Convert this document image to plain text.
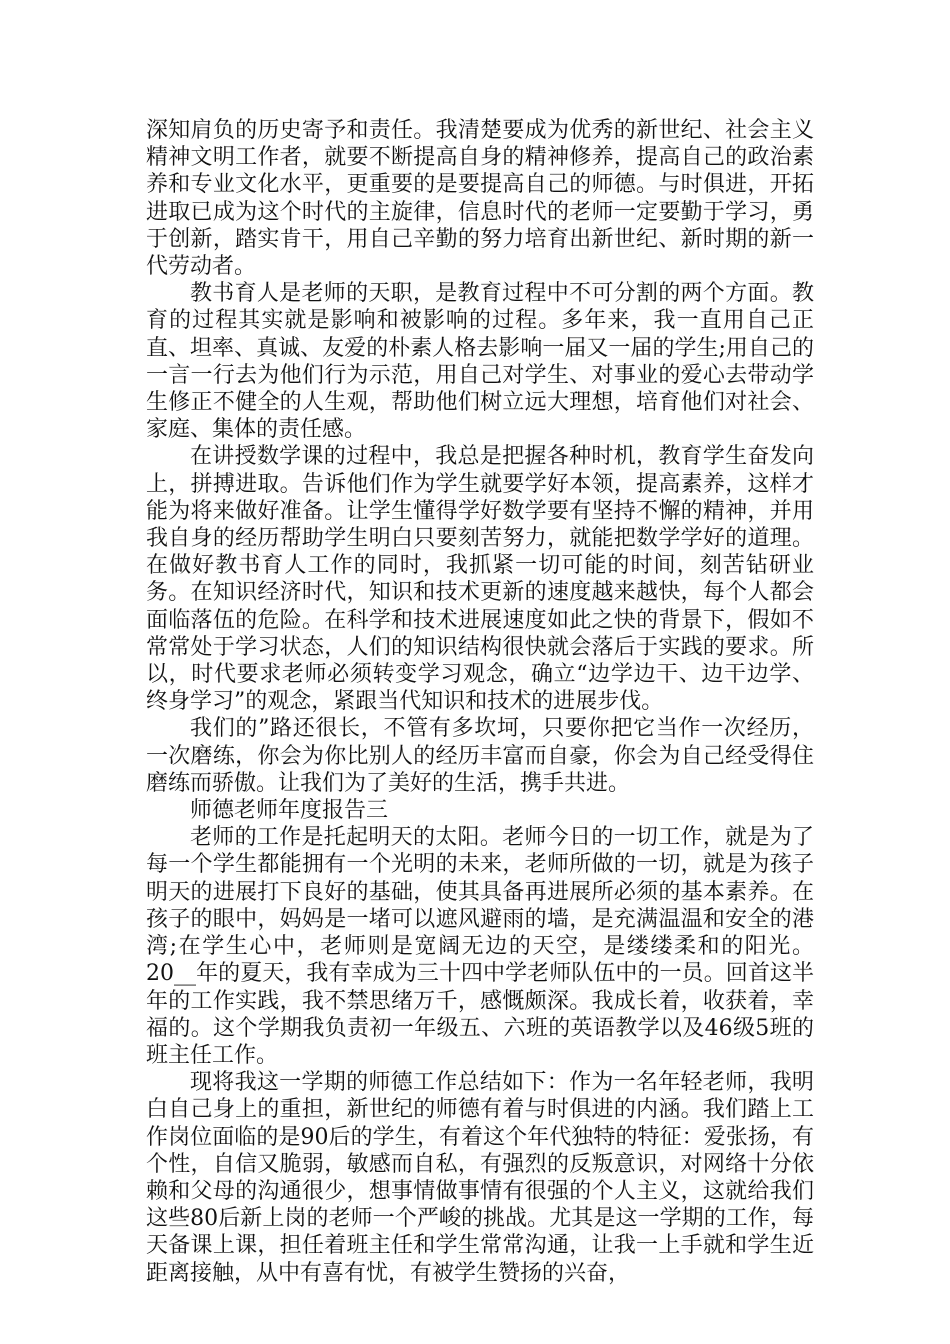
深知肩负的历史寄予和责任。我清楚要成为优秀的新世纪、社会主义精神文明工作者，就要不断提高自身的精神修养，提高自己的政治素养和专业文化水平，更重要的是要提高自己的师德。与时俱进，开拓进取已成为这个时代的主旋律，信息时代的老师一定要勤于学习，勇于创新，踏实肯干，用自己辛勤的努力培育出新世纪、新时期的新一代劳动者。

教书育人是老师的天职，是教育过程中不可分割的两个方面。教育的过程其实就是影响和被影响的过程。多年来，我一直用自己正直、坦率、真诚、友爱的朴素人格去影响一届又一届的学生;用自己的一言一行去为他们行为示范，用自己对学生、对事业的爱心去带动学生修正不健全的人生观，帮助他们树立远大理想，培育他们对社会、家庭、集体的责任感。

在讲授数学课的过程中，我总是把握各种时机，教育学生奋发向上，拼搏进取。告诉他们作为学生就要学好本领，提高素养，这样才能为将来做好准备。让学生懂得学好数学要有坚持不懈的精神，并用我自身的经历帮助学生明白只要刻苦努力，就能把数学学好的道理。在做好教书育人工作的同时，我抓紧一切可能的时间，刻苦钻研业务。在知识经济时代，知识和技术更新的速度越来越快，每个人都会面临落伍的危险。在科学和技术进展速度如此之快的背景下，假如不常常处于学习状态，人们的知识结构很快就会落后于实践的要求。所以，时代要求老师必须转变学习观念，确立“边学边干、边干边学、终身学习”的观念，紧跟当代知识和技术的进展步伐。

我们的”路还很长，不管有多坎坷，只要你把它当作一次经历，一次磨练，你会为你比别人的经历丰富而自豪，你会为自己经受得住磨练而骄傲。让我们为了美好的生活，携手共进。

师德老师年度报告三

老师的工作是托起明天的太阳。老师今日的一切工作，就是为了每一个学生都能拥有一个光明的未来，老师所做的一切，就是为孩子明天的进展打下良好的基础，使其具备再进展所必须的基本素养。在孩子的眼中，妈妈是一堵可以遮风避雨的墙，是充满温温和安全的港湾;在学生心中，老师则是宽阔无边的天空，是缕缕柔和的阳光。20__年的夏天，我有幸成为三十四中学老师队伍中的一员。回首这半年的工作实践，我不禁思绪万千，感慨颇深。我成长着，收获着，幸福的。这个学期我负责初一年级五、六班的英语教学以及46级5班的班主任工作。

现将我这一学期的师德工作总结如下：作为一名年轻老师，我明白自己身上的重担，新世纪的师德有着与时俱进的内涵。我们踏上工作岗位面临的是90后的学生，有着这个年代独特的特征：爱张扬，有个性，自信又脆弱，敏感而自私，有强烈的反叛意识，对网络十分依赖和父母的沟通很少，想事情做事情有很强的个人主义，这就给我们这些80后新上岗的老师一个严峻的挑战。尤其是这一学期的工作，每天备课上课，担任着班主任和学生常常沟通，让我一上手就和学生近距离接触，从中有喜有忧，有被学生赞扬的兴奋，
